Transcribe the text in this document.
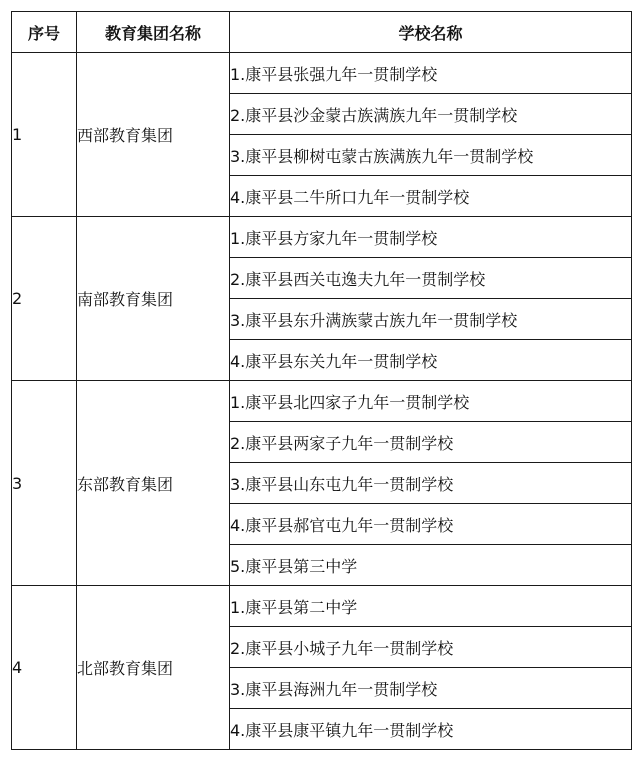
序号	教育集团名称	学校名称
1	西部教育集团	1.康平县张强九年一贯制学校
		2.康平县沙金蒙古族满族九年一贯制学校
		3.康平县柳树屯蒙古族满族九年一贯制学校
		4.康平县二牛所口九年一贯制学校
2	南部教育集团	1.康平县方家九年一贯制学校
		2.康平县西关屯逸夫九年一贯制学校
		3.康平县东升满族蒙古族九年一贯制学校
		4.康平县东关九年一贯制学校
3	东部教育集团	1.康平县北四家子九年一贯制学校
		2.康平县两家子九年一贯制学校
		3.康平县山东屯九年一贯制学校
		4.康平县郝官屯九年一贯制学校
		5.康平县第三中学
4	北部教育集团	1.康平县第二中学
		2.康平县小城子九年一贯制学校
		3.康平县海洲九年一贯制学校
		4.康平县康平镇九年一贯制学校
